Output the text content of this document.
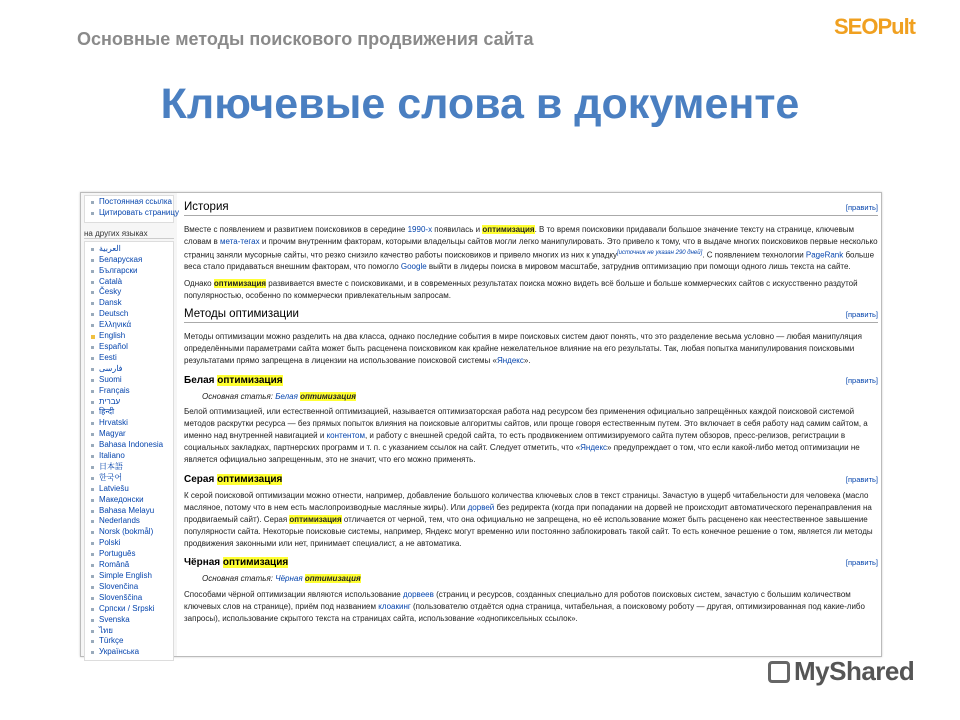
Основные методы поискового продвижения сайта	SEOPult
Ключевые слова в документе
Постоянная ссылка
Цитировать страницу
на других языках
العربية
Беларуская
Български
Català
Česky
Dansk
Deutsch
Ελληνικά
English
Español
Eesti
فارسی
Suomi
Français
עברית
हिन्दी
Hrvatski
Magyar
Bahasa Indonesia
Italiano
日本語
한국어
Latviešu
Македонски
Bahasa Melayu
Nederlands
Norsk (bokmål)
Polski
Português
Română
Simple English
Slovenčina
Slovenščina
Српски / Srpski
Svenska
ไทย
Türkçe
Українська
История	[править]
Вместе с появлением и развитием поисковиков в середине 1990-х появилась и оптимизация. В то время поисковики придавали большое значение тексту на странице, ключевым словам в мета-тегах и прочим внутренним факторам, которыми владельцы сайтов могли легко манипулировать. Это привело к тому, что в выдаче многих поисковиков первые несколько страниц заняли мусорные сайты, что резко снизило качество работы поисковиков и привело многих из них к упадку[источник не указан 290 дней]. С появлением технологии PageRank больше веса стало придаваться внешним факторам, что помогло Google выйти в лидеры поиска в мировом масштабе, затруднив оптимизацию при помощи одного лишь текста на сайте.
Однако оптимизация развивается вместе с поисковиками, и в современных результатах поиска можно видеть всё больше и больше коммерческих сайтов с искусственно раздутой популярностью, особенно по коммерчески привлекательным запросам.
Методы оптимизации	[править]
Методы оптимизации можно разделить на два класса, однако последние события в мире поисковых систем дают понять, что это разделение весьма условно — любая манипуляция определёнными параметрами сайта может быть расценена поисковиком как крайне нежелательное влияние на его результаты. Так, любая попытка манипулирования поисковыми результатами прямо запрещена в лицензии на использование поисковой системы «Яндекс».
Белая оптимизация	[править]
Основная статья: Белая оптимизация
Белой оптимизацией, или естественной оптимизацией, называется оптимизаторская работа над ресурсом без применения официально запрещённых каждой поисковой системой методов раскрутки ресурса — без прямых попыток влияния на поисковые алгоритмы сайтов, или проще говоря естественным путем. Это включает в себя работу над самим сайтом, а именно над внутренней навигацией и контентом, и работу с внешней средой сайта, то есть продвижением оптимизируемого сайта путем обзоров, пресс-релизов, регистрации в социальных закладках, партнерских программ и т. п. с указанием ссылок на сайт. Следует отметить, что «Яндекс» предупреждает о том, что если какой-либо метод оптимизации не является официально запрещенным, это не значит, что его можно применять.
Серая оптимизация	[править]
К серой поисковой оптимизации можно отнести, например, добавление большого количества ключевых слов в текст страницы. Зачастую в ущерб читабельности для человека (масло масляное, потому что в нем есть маслопроизводные масляные жиры). Или дорвей без редиректа (когда при попадании на дорвей не происходит автоматического перенаправления на продвигаемый сайт). Серая оптимизация отличается от черной, тем, что она официально не запрещена, но её использование может быть расценено как неестественное завышение популярности сайта. Некоторые поисковые системы, например, Яндекс могут временно или постоянно заблокировать такой сайт. То есть конечное решение о том, является ли методы продвижения законными или нет, принимает специалист, а не автоматика.
Чёрная оптимизация	[править]
Основная статья: Чёрная оптимизация
Способами чёрной оптимизации являются использование дорвеев (страниц и ресурсов, созданных специально для роботов поисковых систем, зачастую с большим количеством ключевых слов на странице), приём под названием клоакинг (пользователю отдаётся одна страница, читабельная, а поисковому роботу — другая, оптимизированная под какие-либо запросы), использование скрытого текста на страницах сайта, использование «однопиксельных ссылок».
MyShared
